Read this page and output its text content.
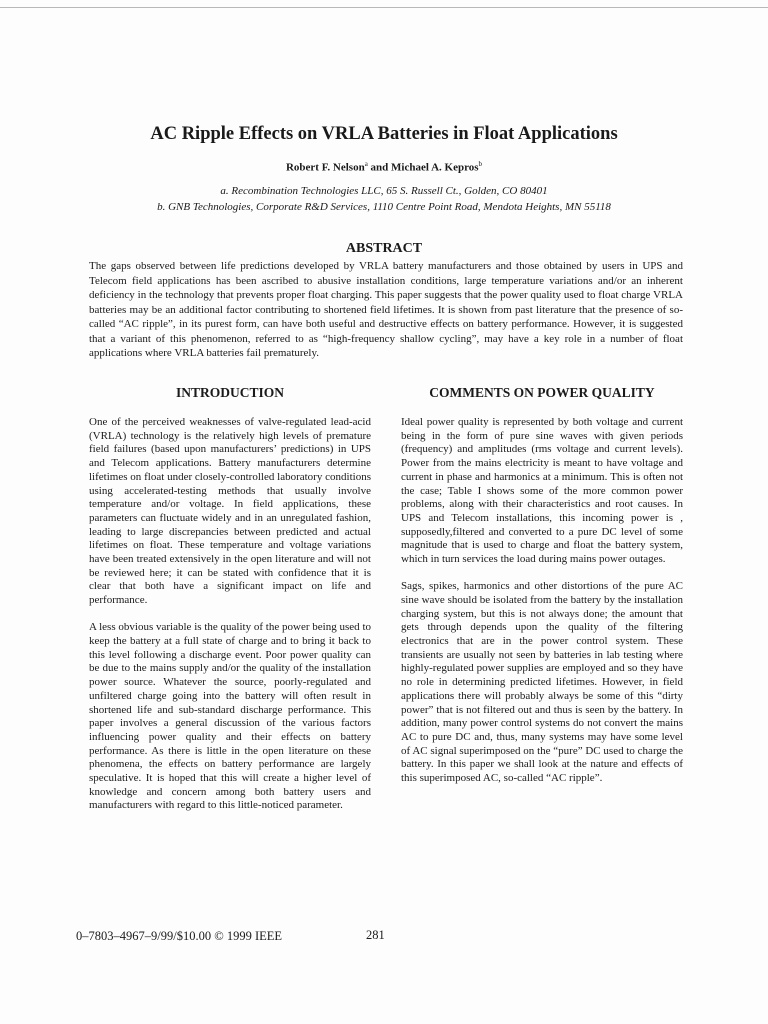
AC Ripple Effects on VRLA Batteries in Float Applications
Robert F. Nelson$^a$ and Michael A. Kepros$^b$
a. Recombination Technologies LLC, 65 S. Russell Ct., Golden, CO 80401
b. GNB Technologies, Corporate R&D Services, 1110 Centre Point Road, Mendota Heights, MN 55118
ABSTRACT

The gaps observed between life predictions developed by VRLA battery manufacturers and those obtained by users in UPS and Telecom field applications has been ascribed to abusive installation conditions, large temperature variations and/or an inherent deficiency in the technology that prevents proper float charging. This paper suggests that the power quality used to float charge VRLA batteries may be an additional factor contributing to shortened field lifetimes. It is shown from past literature that the presence of so-called “AC ripple”, in its purest form, can have both useful and destructive effects on battery performance. However, it is suggested that a variant of this phenomenon, referred to as “high-frequency shallow cycling”, may have a key role in a number of float applications where VRLA batteries fail prematurely.

INTRODUCTION	COMMENTS ON POWER QUALITY

One of the perceived weaknesses of valve-regulated lead-acid (VRLA) technology is the relatively high levels of premature field failures (based upon manufacturers’ predictions) in UPS and Telecom applications. Battery manufacturers determine lifetimes on float under closely-controlled laboratory conditions using accelerated-testing methods that usually involve temperature and/or voltage. In field applications, these parameters can fluctuate widely and in an unregulated fashion, leading to large discrepancies between predicted and actual lifetimes on float. These temperature and voltage variations have been treated extensively in the open literature and will not be reviewed here; it can be stated with confidence that it is clear that both have a significant impact on life and performance.

A less obvious variable is the quality of the power being used to keep the battery at a full state of charge and to bring it back to this level following a discharge event. Poor power quality can be due to the mains supply and/or the quality of the installation power source. Whatever the source, poorly-regulated and unfiltered charge going into the battery will often result in shortened life and sub-standard discharge performance. This paper involves a general discussion of the various factors influencing power quality and their effects on battery performance. As there is little in the open literature on these phenomena, the effects on battery performance are largely speculative. It is hoped that this will create a higher level of knowledge and concern among both battery users and manufacturers with regard to this little-noticed parameter.

Ideal power quality is represented by both voltage and current being in the form of pure sine waves with given periods (frequency) and amplitudes (rms voltage and current levels). Power from the mains electricity is meant to have voltage and current in phase and harmonics at a minimum. This is often not the case; Table I shows some of the more common power problems, along with their characteristics and root causes. In UPS and Telecom installations, this incoming power is , supposedly,filtered and converted to a pure DC level of some magnitude that is used to charge and float the battery system, which in turn services the load during mains power outages.

Sags, spikes, harmonics and other distortions of the pure AC sine wave should be isolated from the battery by the installation charging system, but this is not always done; the amount that gets through depends upon the quality of the filtering electronics that are in the power control system. These transients are usually not seen by batteries in lab testing where highly-regulated power supplies are employed and so they have no role in determining predicted lifetimes. However, in field applications there will probably always be some of this “dirty power” that is not filtered out and thus is seen by the battery. In addition, many power control systems do not convert the mains AC to pure DC and, thus, many systems may have some level of AC signal superimposed on the “pure” DC used to charge the battery. In this paper we shall look at the nature and effects of this superimposed AC, so-called “AC ripple”.

0–7803–4967–9/99/$10.00 © 1999 IEEE	281
